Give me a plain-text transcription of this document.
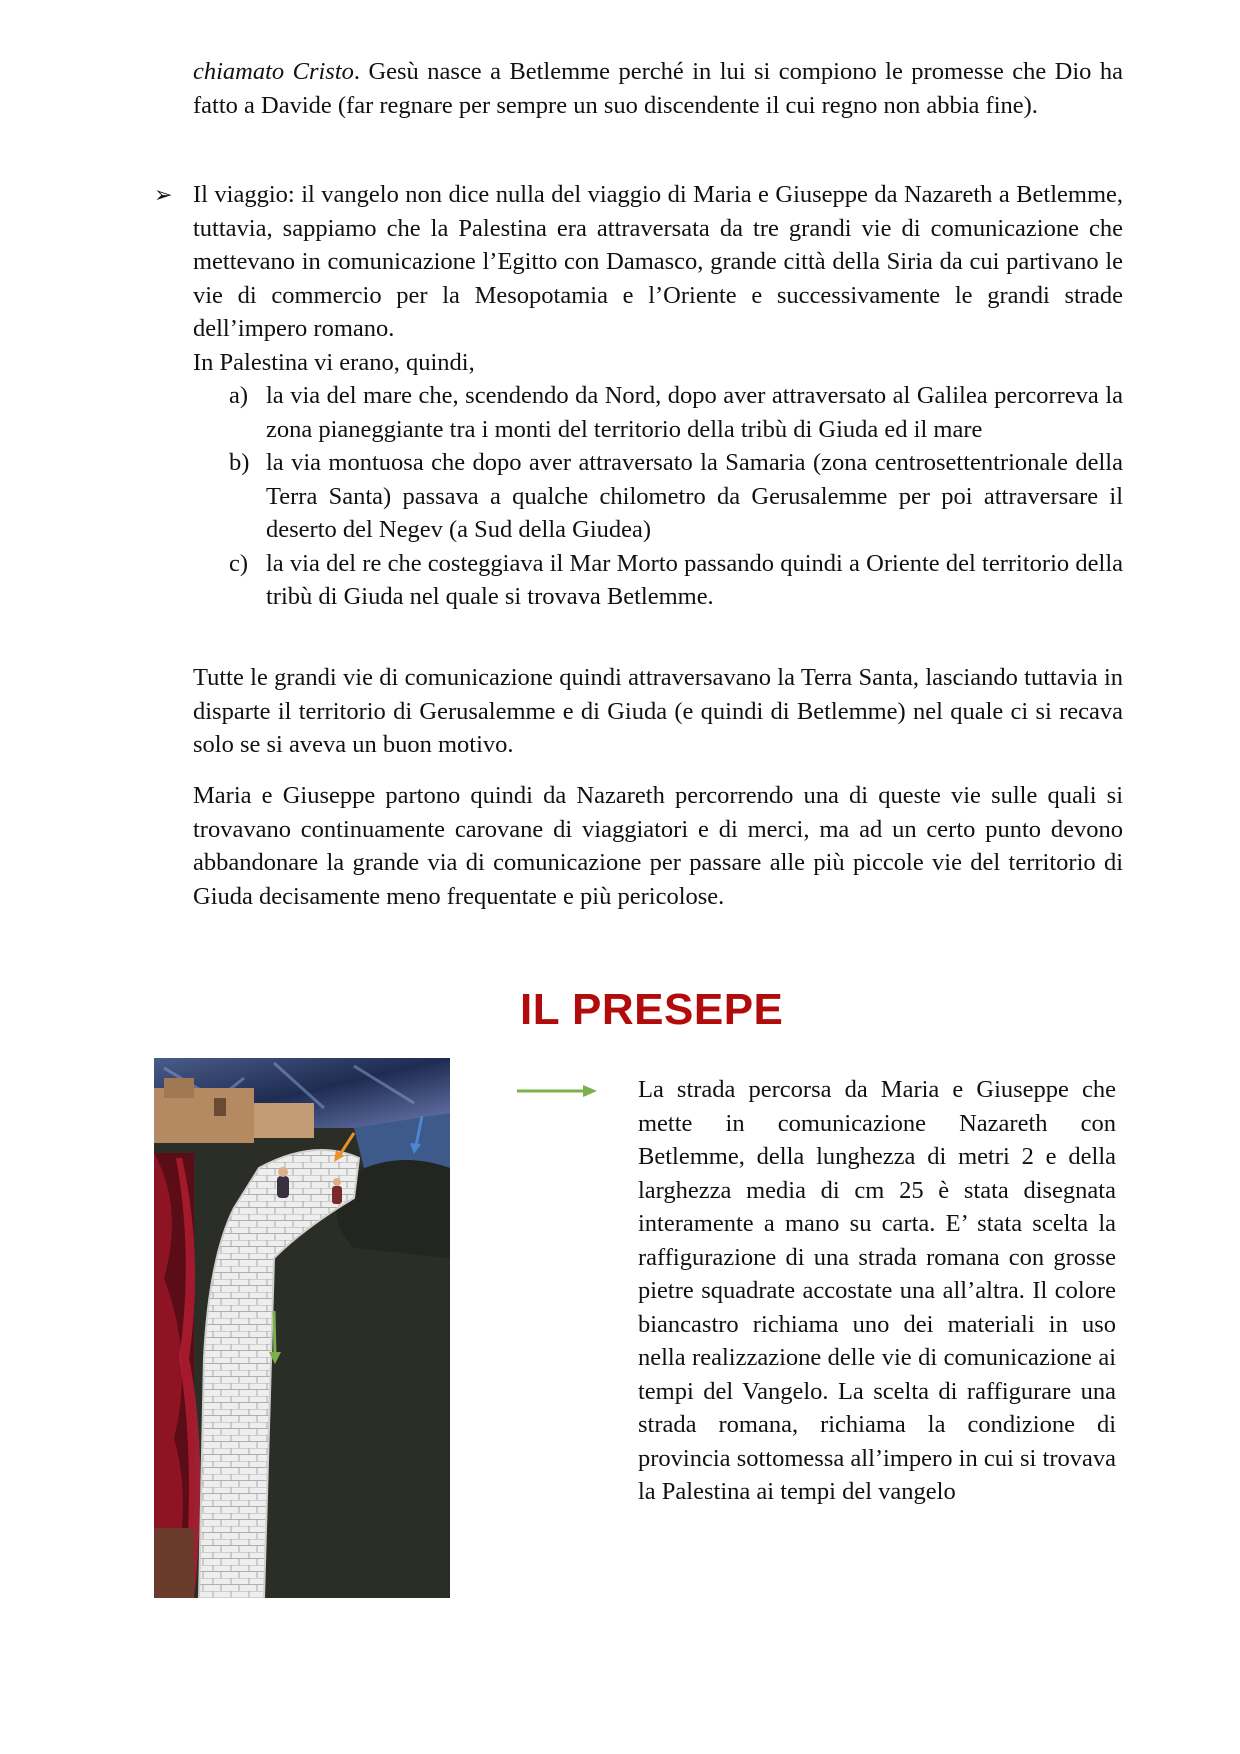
chiamato Cristo. Gesù nasce a Betlemme perché in lui si compiono le promesse che Dio ha fatto a Davide (far regnare per sempre un suo discendente il cui regno non abbia fine).

➢ Il viaggio: il vangelo non dice nulla del viaggio di Maria e Giuseppe da Nazareth a Betlemme, tuttavia, sappiamo che la Palestina era attraversata da tre grandi vie di comunicazione che mettevano in comunicazione l’Egitto con Damasco, grande città della Siria da cui partivano le vie di commercio per la Mesopotamia e l’Oriente e successivamente le grandi strade dell’impero romano.

In Palestina vi erano, quindi,

a) la via del mare che, scendendo da Nord, dopo aver attraversato al Galilea percorreva la zona pianeggiante tra i monti del territorio della tribù di Giuda ed il mare
b) la via montuosa che dopo aver attraversato la Samaria (zona centrosettentrionale della Terra Santa) passava a qualche chilometro da Gerusalemme per poi attraversare il deserto del Negev (a Sud della Giudea)
c) la via del re che costeggiava il Mar Morto passando quindi a Oriente del territorio della tribù di Giuda nel quale si trovava Betlemme.

Tutte le grandi vie di comunicazione quindi attraversavano la Terra Santa, lasciando tuttavia in disparte il territorio di Gerusalemme e di Giuda (e quindi di Betlemme) nel quale ci si recava solo se si aveva un buon motivo.

Maria e Giuseppe partono quindi da Nazareth percorrendo una di queste vie sulle quali si trovavano continuamente carovane di viaggiatori e di merci, ma ad un certo punto devono abbandonare la grande via di comunicazione per passare alle più piccole vie del territorio di Giuda decisamente meno frequentate e più pericolose.

IL PRESEPE

La strada percorsa da Maria e Giuseppe che mette in comunicazione Nazareth con Betlemme, della lunghezza di metri 2 e della larghezza media di cm 25 è stata disegnata interamente a mano su carta. E’ stata scelta la raffigurazione di una strada romana con grosse pietre squadrate accostate una all’altra. Il colore biancastro richiama uno dei materiali in uso nella realizzazione delle vie di comunicazione ai tempi del Vangelo. La scelta di raffigurare una strada romana, richiama la condizione di provincia sottomessa all’impero in cui si trovava la Palestina ai tempi del vangelo
